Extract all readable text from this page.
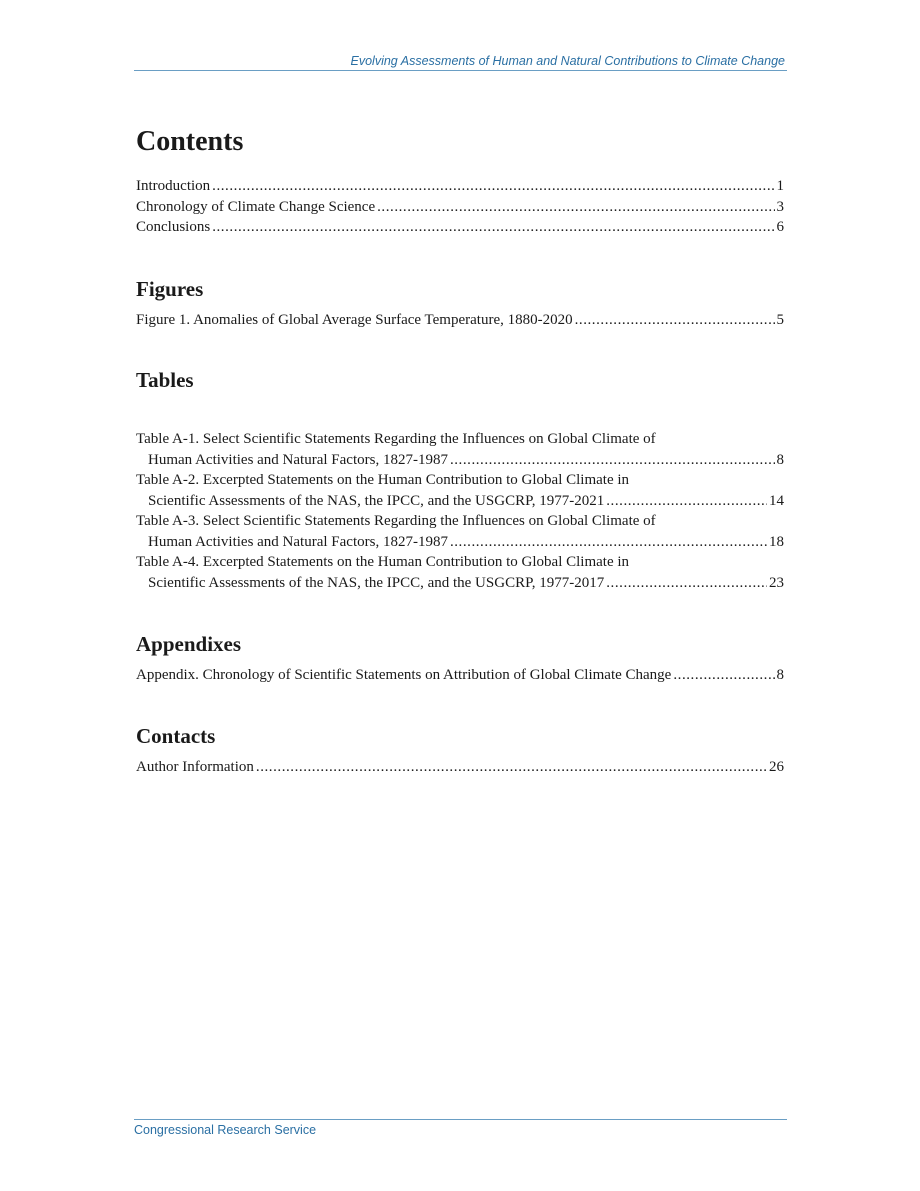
Evolving Assessments of Human and Natural Contributions to Climate Change
Contents
Introduction . . .	1
Chronology of Climate Change Science . . .	3
Conclusions . . .	6
Figures
Figure 1. Anomalies of Global Average Surface Temperature, 1880-2020 . . .	5
Tables
Table A-1. Select Scientific Statements Regarding the Influences on Global Climate of
Human Activities and Natural Factors, 1827-1987 . . .	8
Table A-2. Excerpted Statements on the Human Contribution to Global Climate in
Scientific Assessments of the NAS, the IPCC, and the USGCRP, 1977-2021 . . .	14
Table A-3. Select Scientific Statements Regarding the Influences on Global Climate of
Human Activities and Natural Factors, 1827-1987 . . .	18
Table A-4. Excerpted Statements on the Human Contribution to Global Climate in
Scientific Assessments of the NAS, the IPCC, and the USGCRP, 1977-2017 . . .	23
Appendixes
Appendix. Chronology of Scientific Statements on Attribution of Global Climate Change . . .	8
Contacts
Author Information . . .	26
Congressional Research Service
